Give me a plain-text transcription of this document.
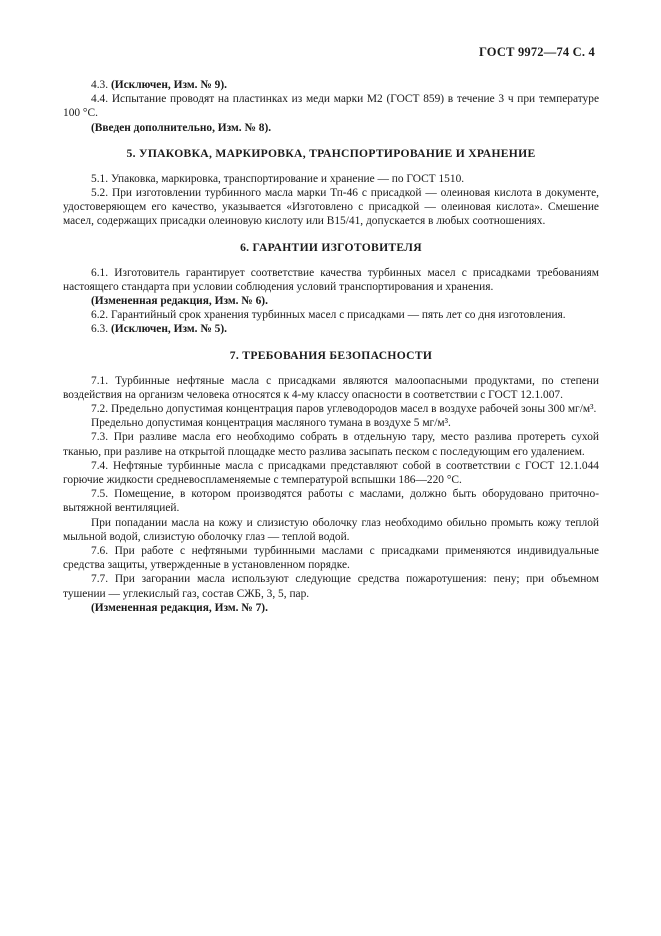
ГОСТ 9972—74 С. 4

4.3. (Исключен, Изм. № 9).

4.4. Испытание проводят на пластинках из меди марки М2 (ГОСТ 859) в течение 3 ч при температуре 100 °С.

(Введен дополнительно, Изм. № 8).

5. УПАКОВКА, МАРКИРОВКА, ТРАНСПОРТИРОВАНИЕ И ХРАНЕНИЕ

5.1. Упаковка, маркировка, транспортирование и хранение — по ГОСТ 1510.

5.2. При изготовлении турбинного масла марки Тп-46 с присадкой — олеиновая кислота в документе, удостоверяющем его качество, указывается «Изготовлено с присадкой — олеиновая кислота». Смешение масел, содержащих присадки олеиновую кислоту или В15/41, допускается в любых соотношениях.

6. ГАРАНТИИ ИЗГОТОВИТЕЛЯ

6.1. Изготовитель гарантирует соответствие качества турбинных масел с присадками требованиям настоящего стандарта при условии соблюдения условий транспортирования и хранения.

(Измененная редакция, Изм. № 6).

6.2. Гарантийный срок хранения турбинных масел с присадками — пять лет со дня изготовления.

6.3. (Исключен, Изм. № 5).

7. ТРЕБОВАНИЯ БЕЗОПАСНОСТИ

7.1. Турбинные нефтяные масла с присадками являются малоопасными продуктами, по степени воздействия на организм человека относятся к 4-му классу опасности в соответствии с ГОСТ 12.1.007.

7.2. Предельно допустимая концентрация паров углеводородов масел в воздухе рабочей зоны 300 мг/м³.

Предельно допустимая концентрация масляного тумана в воздухе 5 мг/м³.

7.3. При разливе масла его необходимо собрать в отдельную тару, место разлива протереть сухой тканью, при разливе на открытой площадке место разлива засыпать песком с последующим его удалением.

7.4. Нефтяные турбинные масла с присадками представляют собой в соответствии с ГОСТ 12.1.044 горючие жидкости средневоспламеняемые с температурой вспышки 186—220 °С.

7.5. Помещение, в котором производятся работы с маслами, должно быть оборудовано приточно-вытяжной вентиляцией.

При попадании масла на кожу и слизистую оболочку глаз необходимо обильно промыть кожу теплой мыльной водой, слизистую оболочку глаз — теплой водой.

7.6. При работе с нефтяными турбинными маслами с присадками применяются индивидуальные средства защиты, утвержденные в установленном порядке.

7.7. При загорании масла используют следующие средства пожаротушения: пену; при объемном тушении — углекислый газ, состав СЖБ, 3, 5, пар.

(Измененная редакция, Изм. № 7).
